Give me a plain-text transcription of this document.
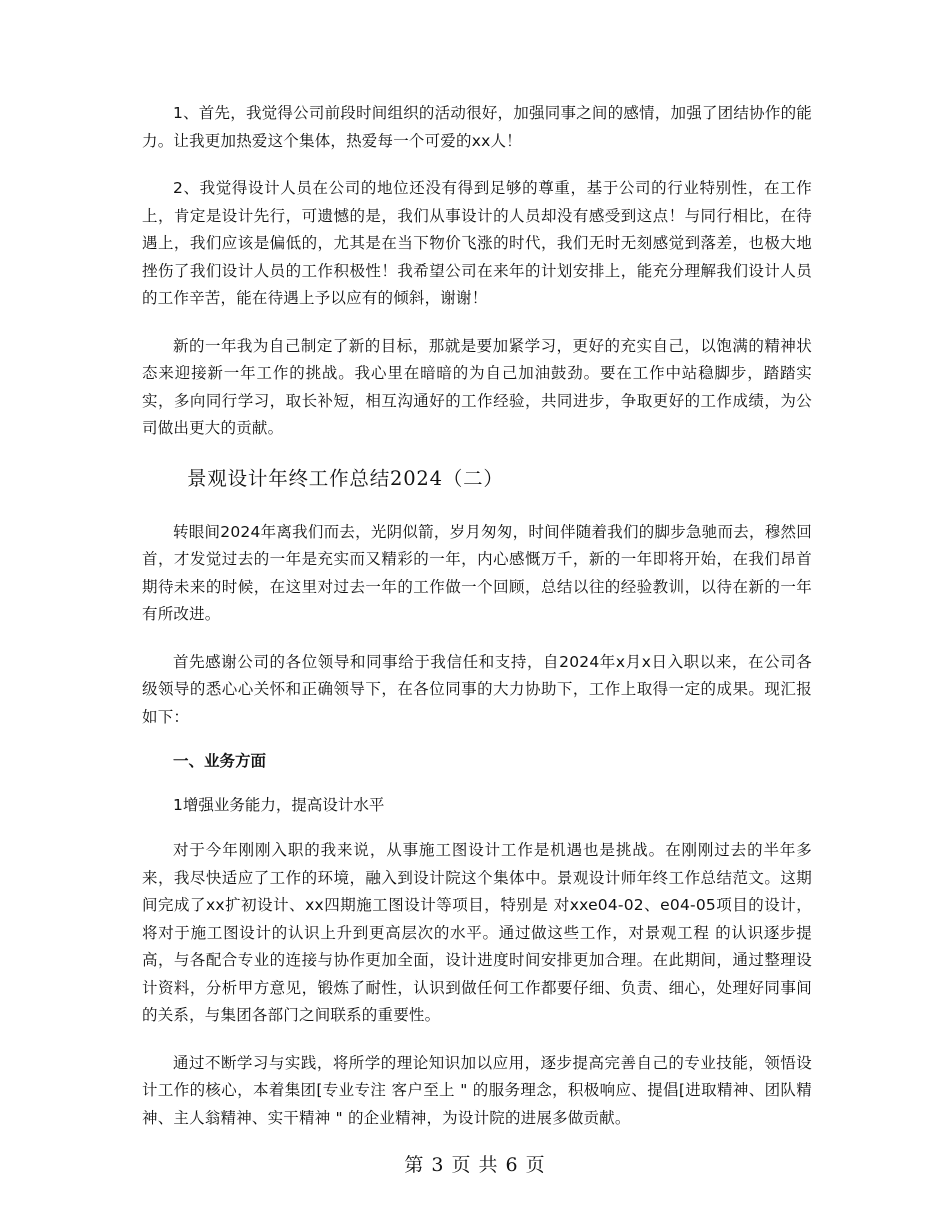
1、首先，我觉得公司前段时间组织的活动很好，加强同事之间的感情，加强了团结协作的能力。让我更加热爱这个集体，热爱每一个可爱的xx人！

2、我觉得设计人员在公司的地位还没有得到足够的尊重，基于公司的行业特别性，在工作上，肯定是设计先行，可遗憾的是，我们从事设计的人员却没有感受到这点！与同行相比，在待遇上，我们应该是偏低的，尤其是在当下物价飞涨的时代，我们无时无刻感觉到落差，也极大地挫伤了我们设计人员的工作积极性！我希望公司在来年的计划安排上，能充分理解我们设计人员的工作辛苦，能在待遇上予以应有的倾斜，谢谢！

新的一年我为自己制定了新的目标，那就是要加紧学习，更好的充实自己，以饱满的精神状态来迎接新一年工作的挑战。我心里在暗暗的为自己加油鼓劲。要在工作中站稳脚步，踏踏实实，多向同行学习，取长补短，相互沟通好的工作经验，共同进步，争取更好的工作成绩，为公司做出更大的贡献。

景观设计年终工作总结2024（二）

转眼间2024年离我们而去，光阴似箭，岁月匆匆，时间伴随着我们的脚步急驰而去，穆然回首，才发觉过去的一年是充实而又精彩的一年，内心感慨万千，新的一年即将开始，在我们昂首期待未来的时候，在这里对过去一年的工作做一个回顾，总结以往的经验教训，以待在新的一年有所改进。

首先感谢公司的各位领导和同事给于我信任和支持，自2024年x月x日入职以来，在公司各级领导的悉心心关怀和正确领导下，在各位同事的大力协助下，工作上取得一定的成果。现汇报如下：

一、业务方面

1增强业务能力，提高设计水平

对于今年刚刚入职的我来说，从事施工图设计工作是机遇也是挑战。在刚刚过去的半年多来，我尽快适应了工作的环境，融入到设计院这个集体中。景观设计师年终工作总结范文。这期间完成了xx扩初设计、xx四期施工图设计等项目，特别是 对xxe04-02、e04-05项目的设计，将对于施工图设计的认识上升到更高层次的水平。通过做这些工作，对景观工程 的认识逐步提高，与各配合专业的连接与协作更加全面，设计进度时间安排更加合理。在此期间，通过整理设计资料，分析甲方意见，锻炼了耐性，认识到做任何工作都要仔细、负责、细心，处理好同事间的关系，与集团各部门之间联系的重要性。

通过不断学习与实践，将所学的理论知识加以应用，逐步提高完善自己的专业技能，领悟设计工作的核心，本着集团[专业专注 客户至上 " 的服务理念，积极响应、提倡[进取精神、团队精神、主人翁精神、实干精神 " 的企业精神，为设计院的进展多做贡献。

第 3 页 共 6 页
